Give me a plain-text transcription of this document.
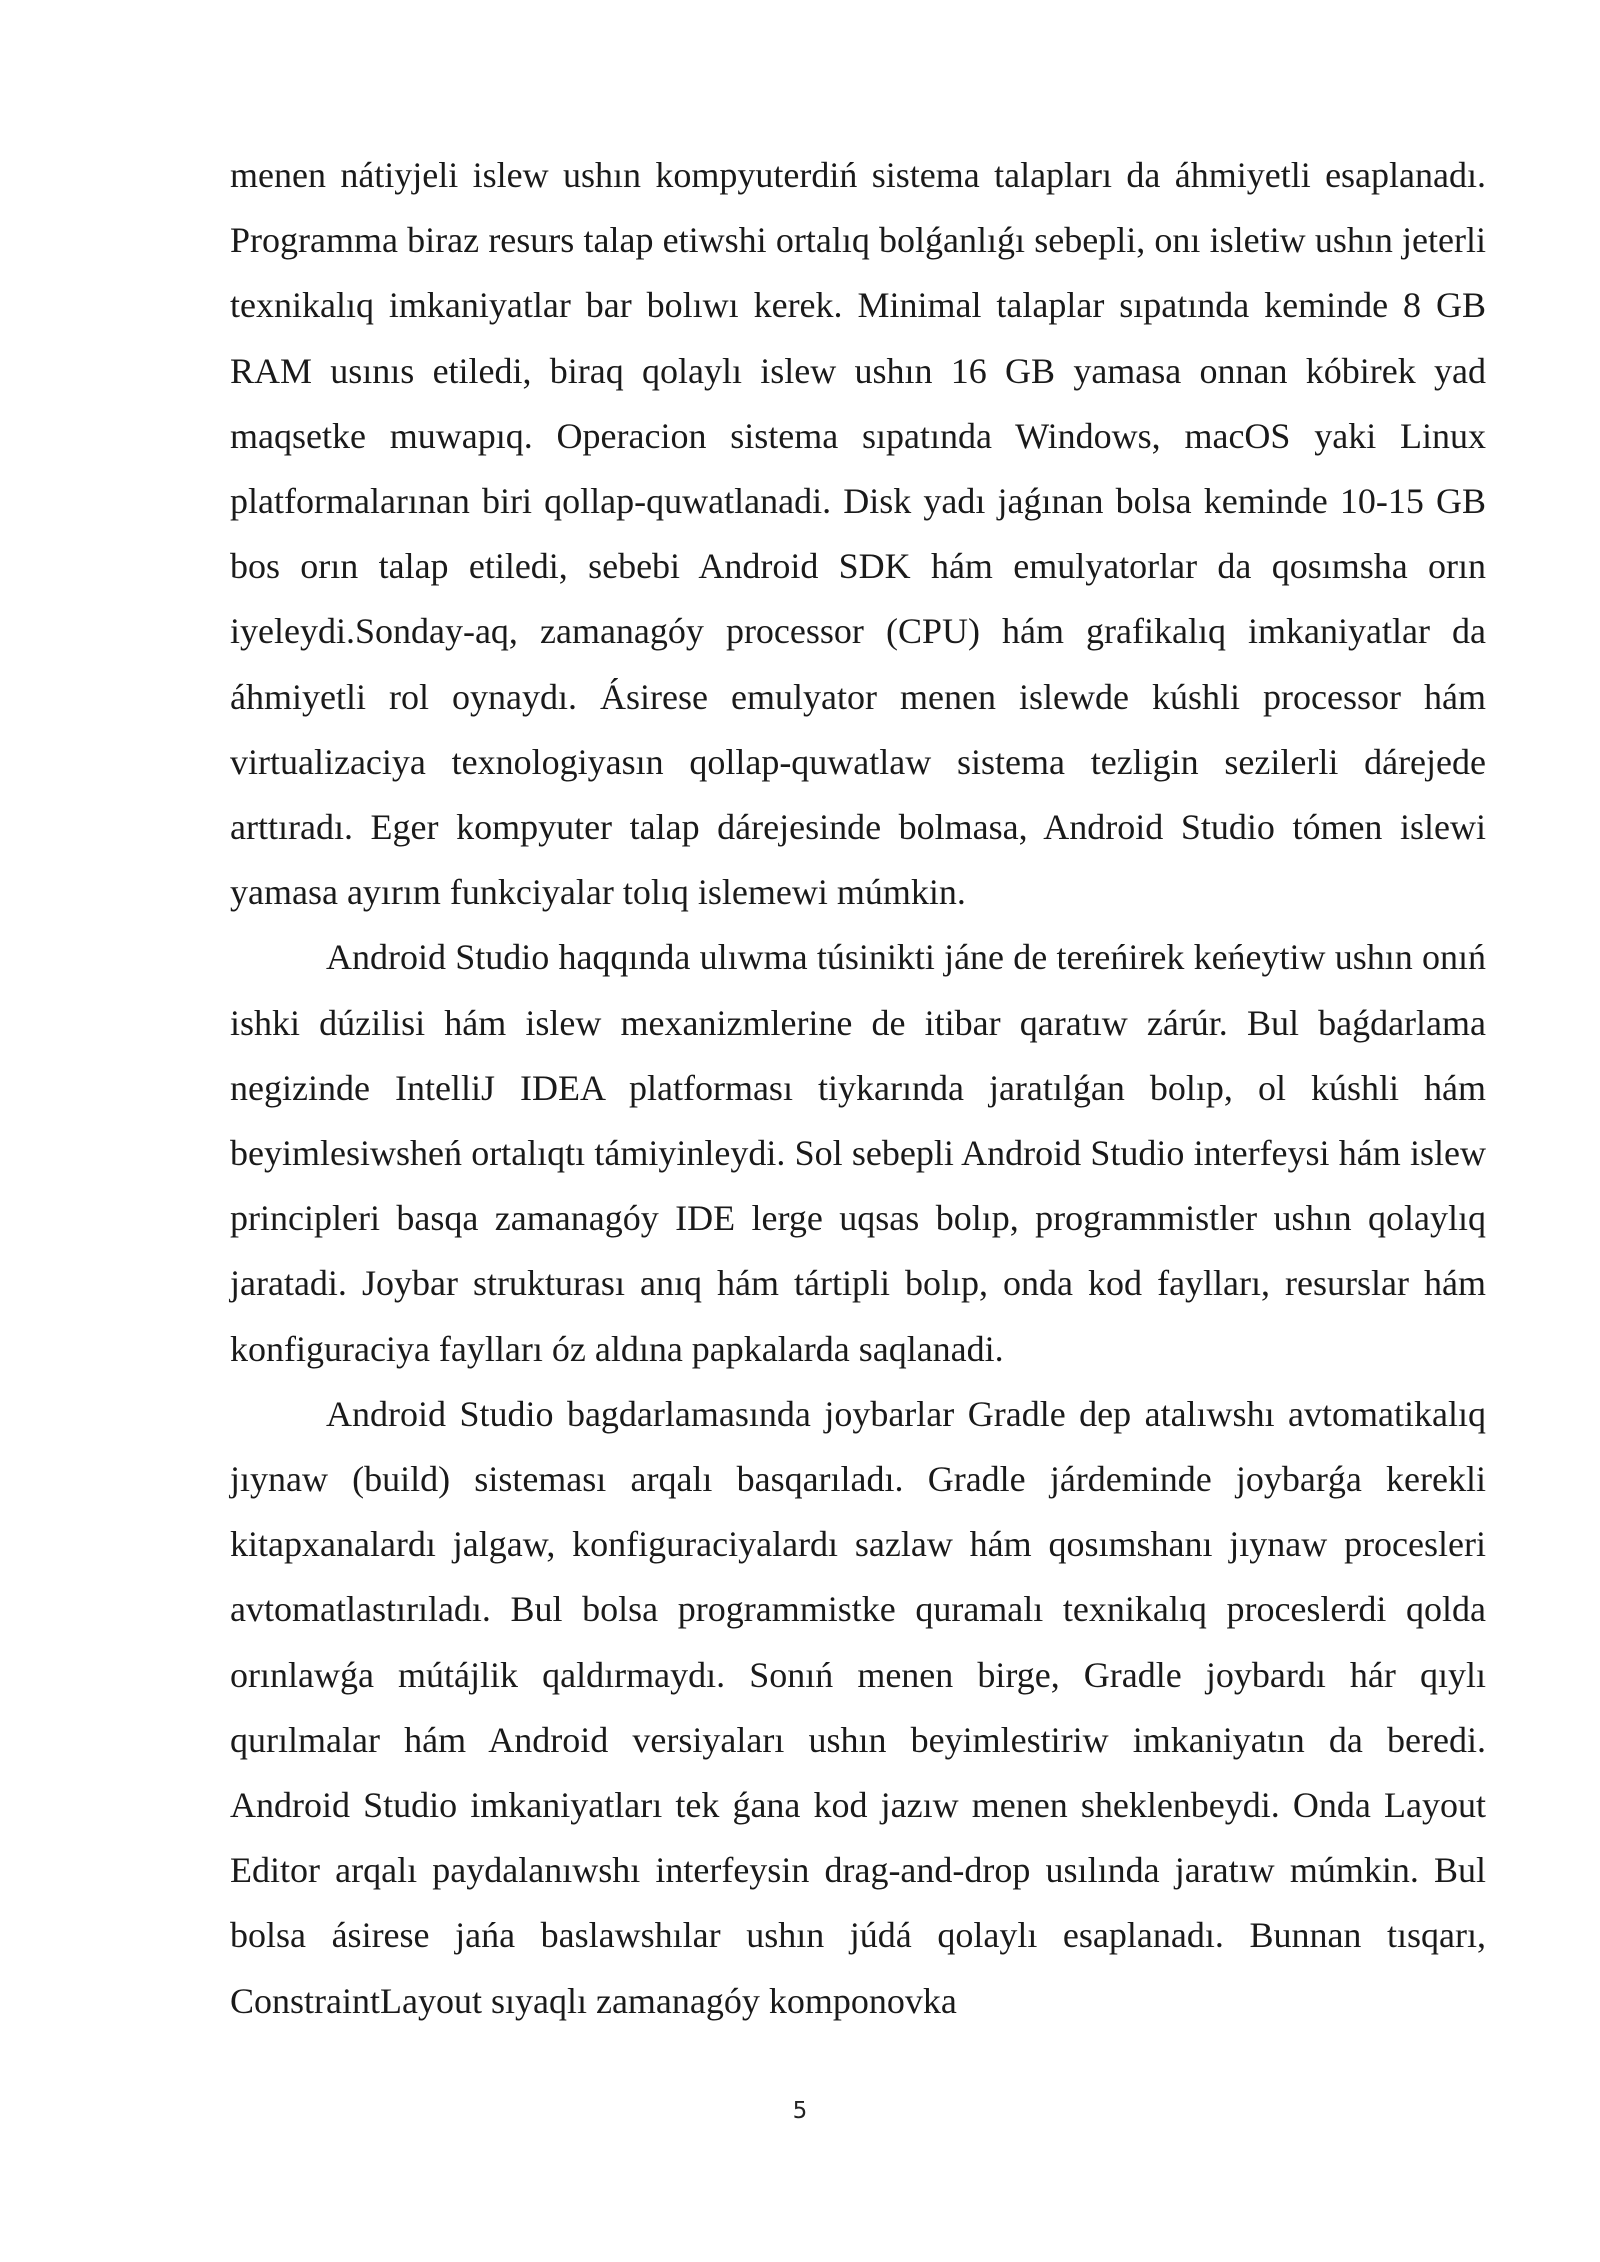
menen nátiyjeli islew ushın kompyuterdiń sistema talapları da áhmiyetli esaplanadı. Programma biraz resurs talap etiwshi ortalıq bolǵanlıǵı sebepli, onı isletiw ushın jeterli texnikalıq imkaniyatlar bar bolıwı kerek. Minimal talaplar sıpatında keminde 8 GB RAM usınıs etiledi, biraq qolaylı islew ushın 16 GB yamasa onnan kóbirek yad maqsetke muwapıq. Operacion sistema sıpatında Windows, macOS yaki Linux platformalarınan biri qollap-quwatlanadi. Disk yadı jaǵınan bolsa keminde 10-15 GB bos orın talap etiledi, sebebi Android SDK hám emulyatorlar da qosımsha orın iyeleydi.Sonday-aq, zamanagóy processor (CPU) hám grafikalıq imkaniyatlar da áhmiyetli rol oynaydı. Ásirese emulyator menen islewde kúshli processor hám virtualizaciya texnologiyasın qollap-quwatlaw sistema tezligin sezilerli dárejede arttıradı. Eger kompyuter talap dárejesinde bolmasa, Android Studio tómen islewi yamasa ayırım funkciyalar tolıq islemewi múmkin.

Android Studio haqqında ulıwma túsinikti jáne de tereńirek keńeytiw ushın onıń ishki dúzilisi hám islew mexanizmlerine de itibar qaratıw zárúr. Bul baǵdarlama negizinde IntelliJ IDEA platforması tiykarında jaratılǵan bolıp, ol kúshli hám beyimlesiwsheń ortalıqtı támiyinleydi. Sol sebepli Android Studio interfeysi hám islew principleri basqa zamanagóy IDE lerge uqsas bolıp, programmistler ushın qolaylıq jaratadi. Joybar strukturası anıq hám tártipli bolıp, onda kod faylları, resurslar hám konfiguraciya faylları óz aldına papkalarda saqlanadi.

Android Studio bagdarlamasında joybarlar Gradle dep atalıwshı avtomatikalıq jıynaw (build) sisteması arqalı basqarıladı. Gradle járdeminde joybarǵa kerekli kitapxanalardı jalgaw, konfiguraciyalardı sazlaw hám qosımshanı jıynaw procesleri avtomatlastırıladı. Bul bolsa programmistke quramalı texnikalıq proceslerdi qolda orınlawǵa mútájlik qaldırmaydı. Sonıń menen birge, Gradle joybardı hár qıylı qurılmalar hám Android versiyaları ushın beyimlestiriw imkaniyatın da beredi. Android Studio imkaniyatları tek ǵana kod jazıw menen sheklenbeydi. Onda Layout Editor arqalı paydalanıwshı interfeysin drag-and-drop usılında jaratıw múmkin. Bul bolsa ásirese jańa baslawshılar ushın júdá qolaylı esaplanadı. Bunnan tısqarı, ConstraintLayout sıyaqlı zamanagóy komponovka

5
